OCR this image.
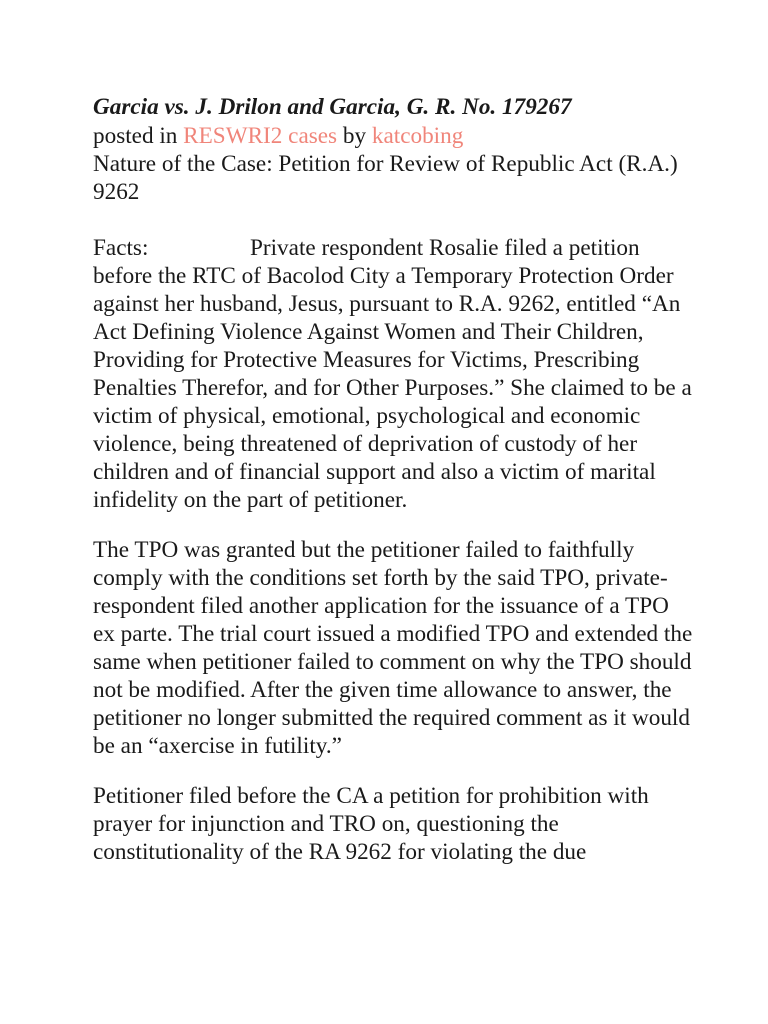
Garcia vs. J. Drilon and Garcia, G. R. No. 179267

posted in RESWRI2 cases by katcobing

Nature of the Case: Petition for Review of Republic Act (R.A.) 9262

Facts:	Private respondent Rosalie filed a petition before the RTC of Bacolod City a Temporary Protection Order against her husband, Jesus, pursuant to R.A. 9262, entitled “An Act Defining Violence Against Women and Their Children, Providing for Protective Measures for Victims, Prescribing Penalties Therefor, and for Other Purposes.” She claimed to be a victim of physical, emotional, psychological and economic violence, being threatened of deprivation of custody of her children and of financial support and also a victim of marital infidelity on the part of petitioner.

The TPO was granted but the petitioner failed to faithfully comply with the conditions set forth by the said TPO, private-respondent filed another application for the issuance of a TPO ex parte. The trial court issued a modified TPO and extended the same when petitioner failed to comment on why the TPO should not be modified. After the given time allowance to answer, the petitioner no longer submitted the required comment as it would be an “axercise in futility.”

Petitioner filed before the CA a petition for prohibition with prayer for injunction and TRO on, questioning the constitutionality of the RA 9262 for violating the due
